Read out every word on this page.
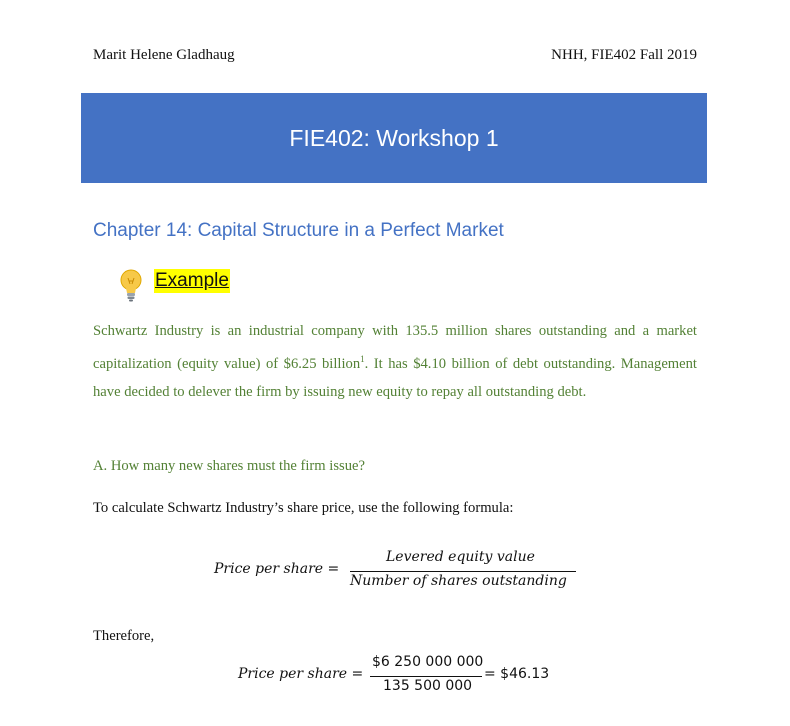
Marit Helene Gladhaug	NHH, FIE402 Fall 2019
FIE402: Workshop 1
Chapter 14: Capital Structure in a Perfect Market
Example
Schwartz Industry is an industrial company with 135.5 million shares outstanding and a market capitalization (equity value) of $6.25 billion$^1$. It has $4.10 billion of debt outstanding. Management have decided to delever the firm by issuing new equity to repay all outstanding debt.
A. How many new shares must the firm issue?
To calculate Schwartz Industry’s share price, use the following formula:
Price per share =
Levered equity value
Number of shares outstanding
Therefore,
Price per share =
$6 250 000 000
135 500 000
= $46.13
